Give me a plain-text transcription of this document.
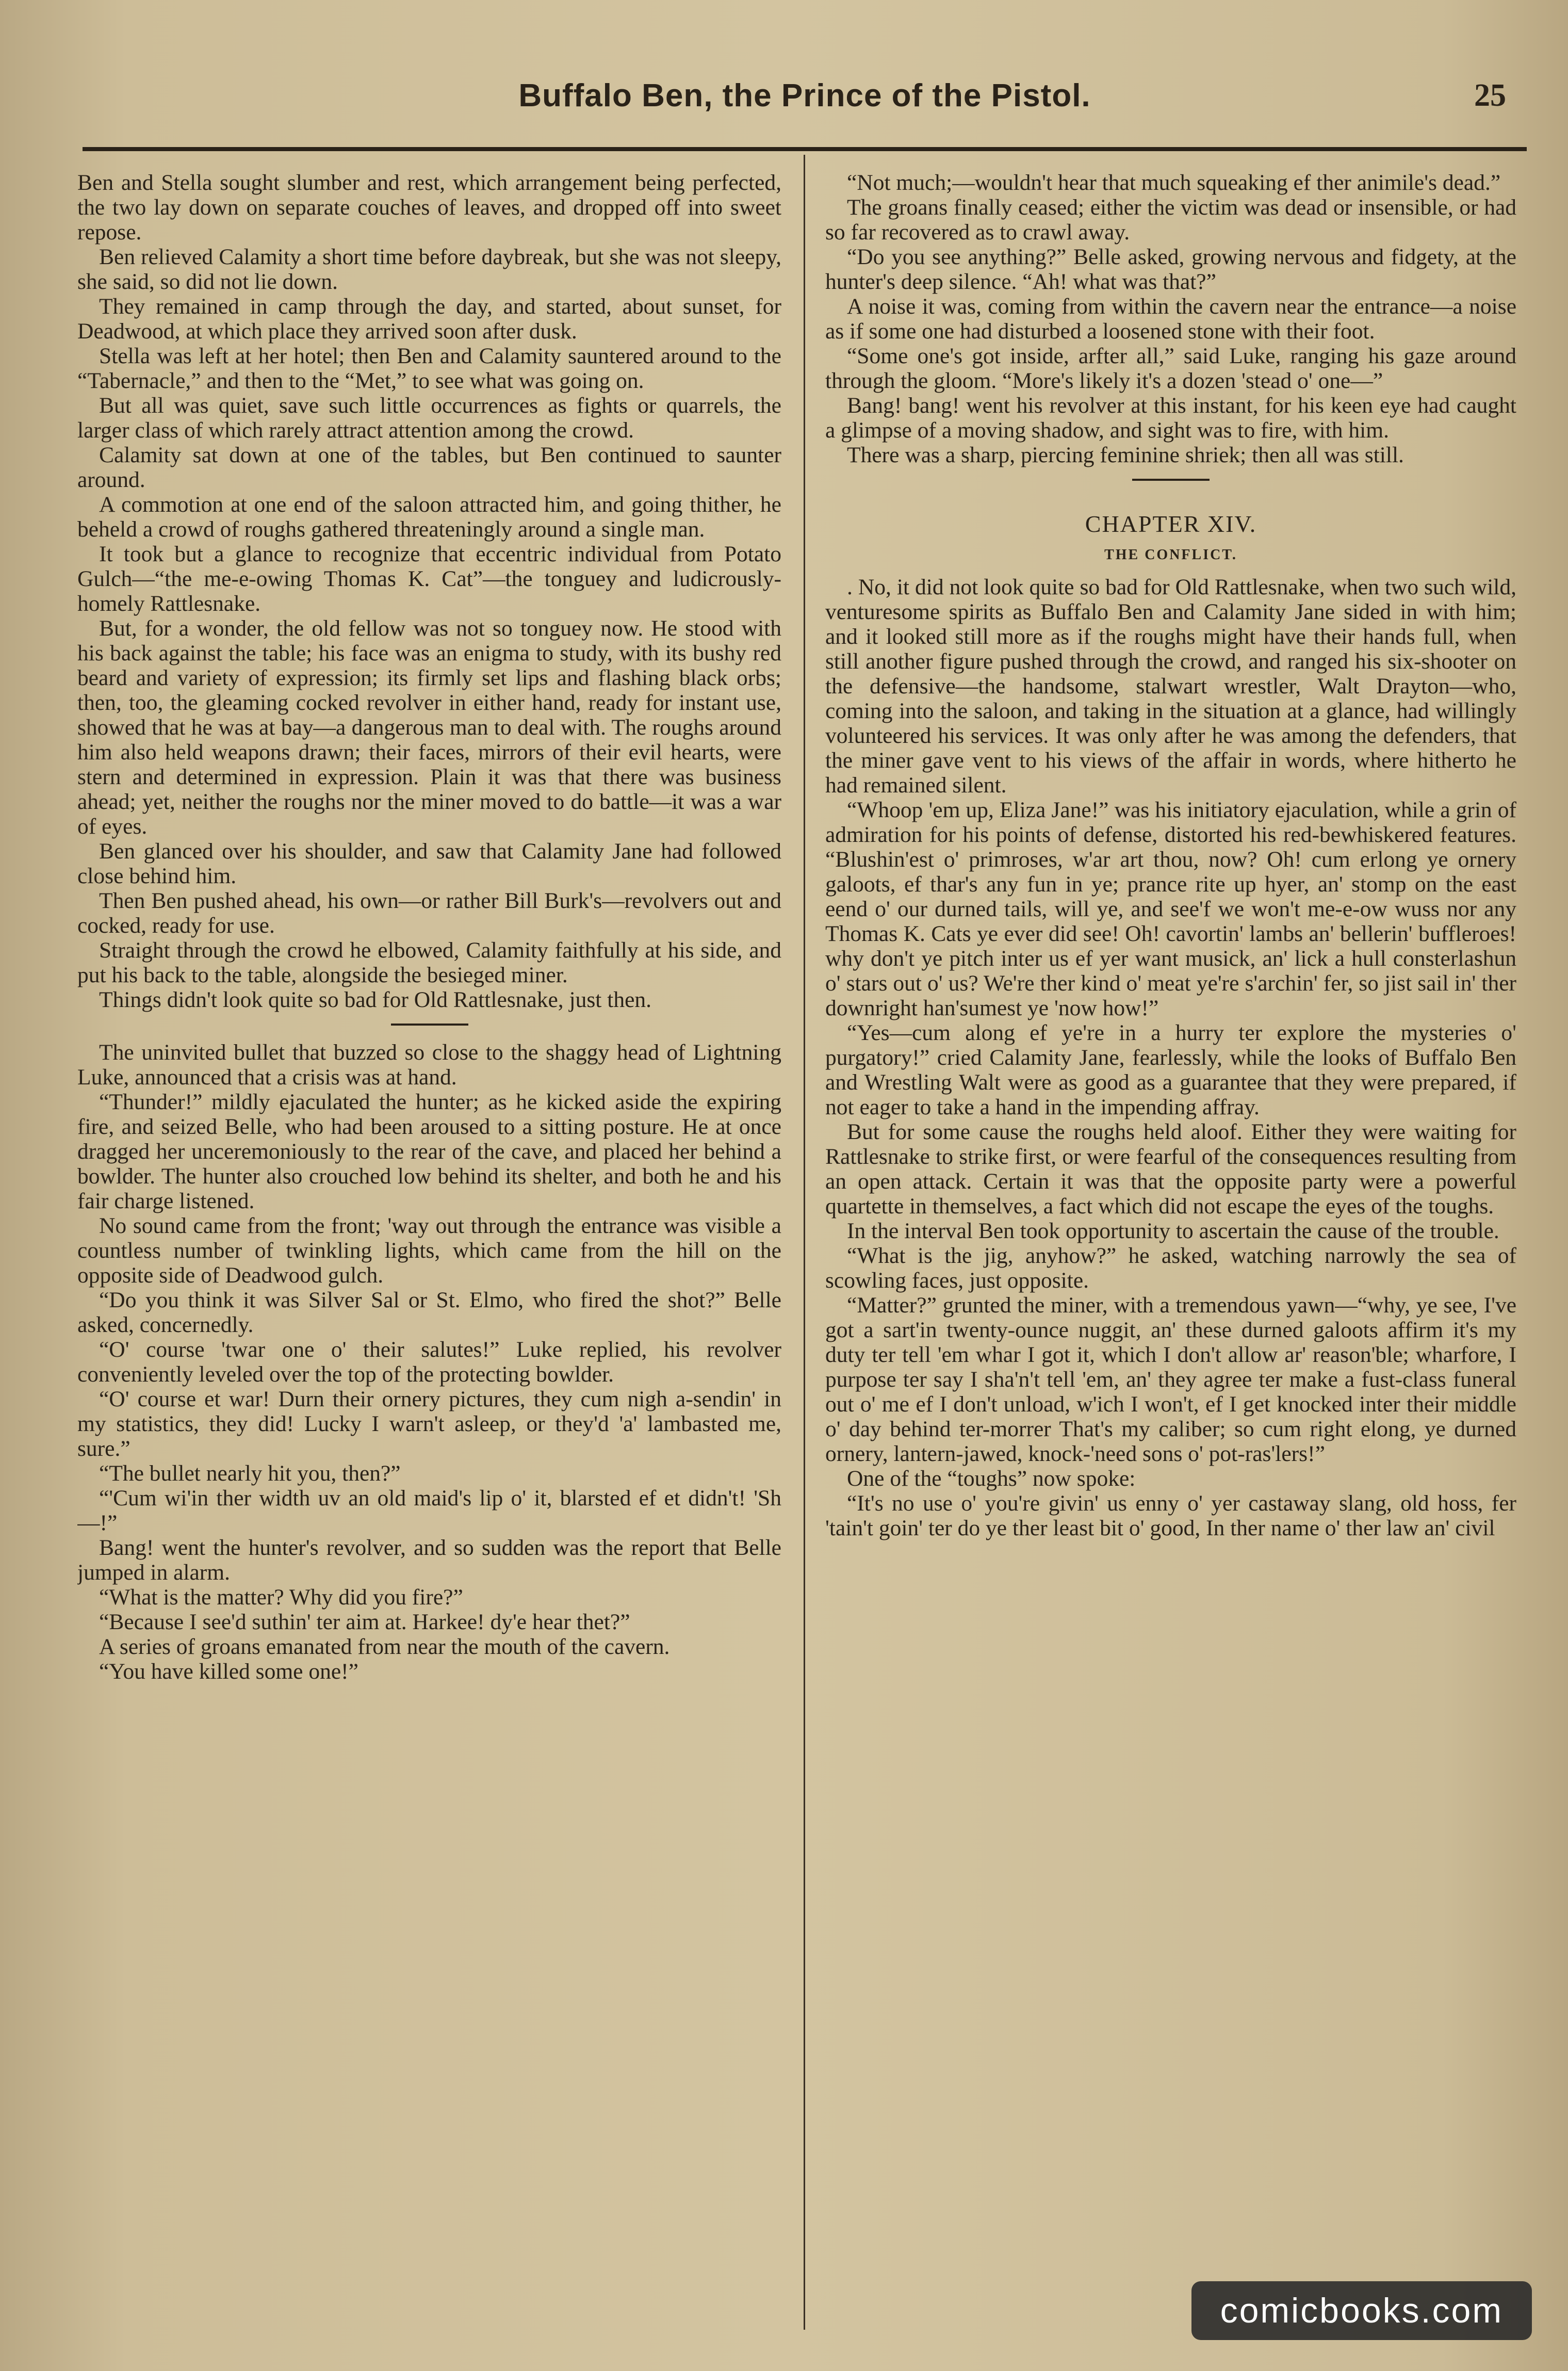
Buffalo Ben, the Prince of the Pistol.	25

Ben and Stella sought slumber and rest, which arrangement being perfected, the two lay down on separate couches of leaves, and dropped off into sweet repose.

Ben relieved Calamity a short time before daybreak, but she was not sleepy, she said, so did not lie down.

They remained in camp through the day, and started, about sunset, for Deadwood, at which place they arrived soon after dusk.

Stella was left at her hotel; then Ben and Calamity sauntered around to the “Tabernacle,” and then to the “Met,” to see what was going on.

But all was quiet, save such little occurrences as fights or quarrels, the larger class of which rarely attract attention among the crowd.

Calamity sat down at one of the tables, but Ben continued to saunter around.

A commotion at one end of the saloon attracted him, and going thither, he beheld a crowd of roughs gathered threateningly around a single man.

It took but a glance to recognize that eccentric individual from Potato Gulch—“the me-e-owing Thomas K. Cat”—the tonguey and ludicrously-homely Rattlesnake.

But, for a wonder, the old fellow was not so tonguey now. He stood with his back against the table; his face was an enigma to study, with its bushy red beard and variety of expression; its firmly set lips and flashing black orbs; then, too, the gleaming cocked revolver in either hand, ready for instant use, showed that he was at bay—a dangerous man to deal with. The roughs around him also held weapons drawn; their faces, mirrors of their evil hearts, were stern and determined in expression. Plain it was that there was business ahead; yet, neither the roughs nor the miner moved to do battle—it was a war of eyes.

Ben glanced over his shoulder, and saw that Calamity Jane had followed close behind him.

Then Ben pushed ahead, his own—or rather Bill Burk's—revolvers out and cocked, ready for use.

Straight through the crowd he elbowed, Calamity faithfully at his side, and put his back to the table, alongside the besieged miner.

Things didn't look quite so bad for Old Rattlesnake, just then.

The uninvited bullet that buzzed so close to the shaggy head of Lightning Luke, announced that a crisis was at hand.

“Thunder!” mildly ejaculated the hunter; as he kicked aside the expiring fire, and seized Belle, who had been aroused to a sitting posture. He at once dragged her unceremoniously to the rear of the cave, and placed her behind a bowlder. The hunter also crouched low behind its shelter, and both he and his fair charge listened.

No sound came from the front; 'way out through the entrance was visible a countless number of twinkling lights, which came from the hill on the opposite side of Deadwood gulch.

“Do you think it was Silver Sal or St. Elmo, who fired the shot?” Belle asked, concernedly.

“O' course 'twar one o' their salutes!” Luke replied, his revolver conveniently leveled over the top of the protecting bowlder.

“O' course et war! Durn their ornery pictures, they cum nigh a-sendin' in my statistics, they did! Lucky I warn't asleep, or they'd 'a' lambasted me, sure.”

“The bullet nearly hit you, then?”

“'Cum wi'in ther width uv an old maid's lip o' it, blarsted ef et didn't! 'Sh—!”

Bang! went the hunter's revolver, and so sudden was the report that Belle jumped in alarm.

“What is the matter? Why did you fire?”

“Because I see'd suthin' ter aim at. Harkee! dy'e hear thet?”

A series of groans emanated from near the mouth of the cavern.

“You have killed some one!”

“Not much;—wouldn't hear that much squeaking ef ther animile's dead.”

The groans finally ceased; either the victim was dead or insensible, or had so far recovered as to crawl away.

“Do you see anything?” Belle asked, growing nervous and fidgety, at the hunter's deep silence. “Ah! what was that?”

A noise it was, coming from within the cavern near the entrance—a noise as if some one had disturbed a loosened stone with their foot.

“Some one's got inside, arfter all,” said Luke, ranging his gaze around through the gloom. “More's likely it's a dozen 'stead o' one—”

Bang! bang! went his revolver at this instant, for his keen eye had caught a glimpse of a moving shadow, and sight was to fire, with him.

There was a sharp, piercing feminine shriek; then all was still.

CHAPTER XIV.
THE CONFLICT.

. No, it did not look quite so bad for Old Rattlesnake, when two such wild, venturesome spirits as Buffalo Ben and Calamity Jane sided in with him; and it looked still more as if the roughs might have their hands full, when still another figure pushed through the crowd, and ranged his six-shooter on the defensive—the handsome, stalwart wrestler, Walt Drayton—who, coming into the saloon, and taking in the situation at a glance, had willingly volunteered his services. It was only after he was among the defenders, that the miner gave vent to his views of the affair in words, where hitherto he had remained silent.

“Whoop 'em up, Eliza Jane!” was his initiatory ejaculation, while a grin of admiration for his points of defense, distorted his red-bewhiskered features. “Blushin'est o' primroses, w'ar art thou, now? Oh! cum erlong ye ornery galoots, ef thar's any fun in ye; prance rite up hyer, an' stomp on the east eend o' our durned tails, will ye, and see'f we won't me-e-ow wuss nor any Thomas K. Cats ye ever did see! Oh! cavortin' lambs an' bellerin' buffleroes! why don't ye pitch inter us ef yer want musick, an' lick a hull consterlashun o' stars out o' us? We're ther kind o' meat ye're s'archin' fer, so jist sail in' ther downright han'sumest ye 'now how!”

“Yes—cum along ef ye're in a hurry ter explore the mysteries o' purgatory!” cried Calamity Jane, fearlessly, while the looks of Buffalo Ben and Wrestling Walt were as good as a guarantee that they were prepared, if not eager to take a hand in the impending affray.

But for some cause the roughs held aloof. Either they were waiting for Rattlesnake to strike first, or were fearful of the consequences resulting from an open attack. Certain it was that the opposite party were a powerful quartette in themselves, a fact which did not escape the eyes of the toughs.

In the interval Ben took opportunity to ascertain the cause of the trouble.

“What is the jig, anyhow?” he asked, watching narrowly the sea of scowling faces, just opposite.

“Matter?” grunted the miner, with a tremendous yawn—“why, ye see, I've got a sart'in twenty-ounce nuggit, an' these durned galoots affirm it's my duty ter tell 'em whar I got it, which I don't allow ar' reason'ble; wharfore, I purpose ter say I sha'n't tell 'em, an' they agree ter make a fust-class funeral out o' me ef I don't unload, w'ich I won't, ef I get knocked inter their middle o' day behind ter-morrer That's my caliber; so cum right elong, ye durned ornery, lantern-jawed, knock-'need sons o' pot-ras'lers!”

One of the “toughs” now spoke:

“It's no use o' you're givin' us enny o' yer castaway slang, old hoss, fer 'tain't goin' ter do ye ther least bit o' good, In ther name o' ther law an' civil

comicbooks.com
